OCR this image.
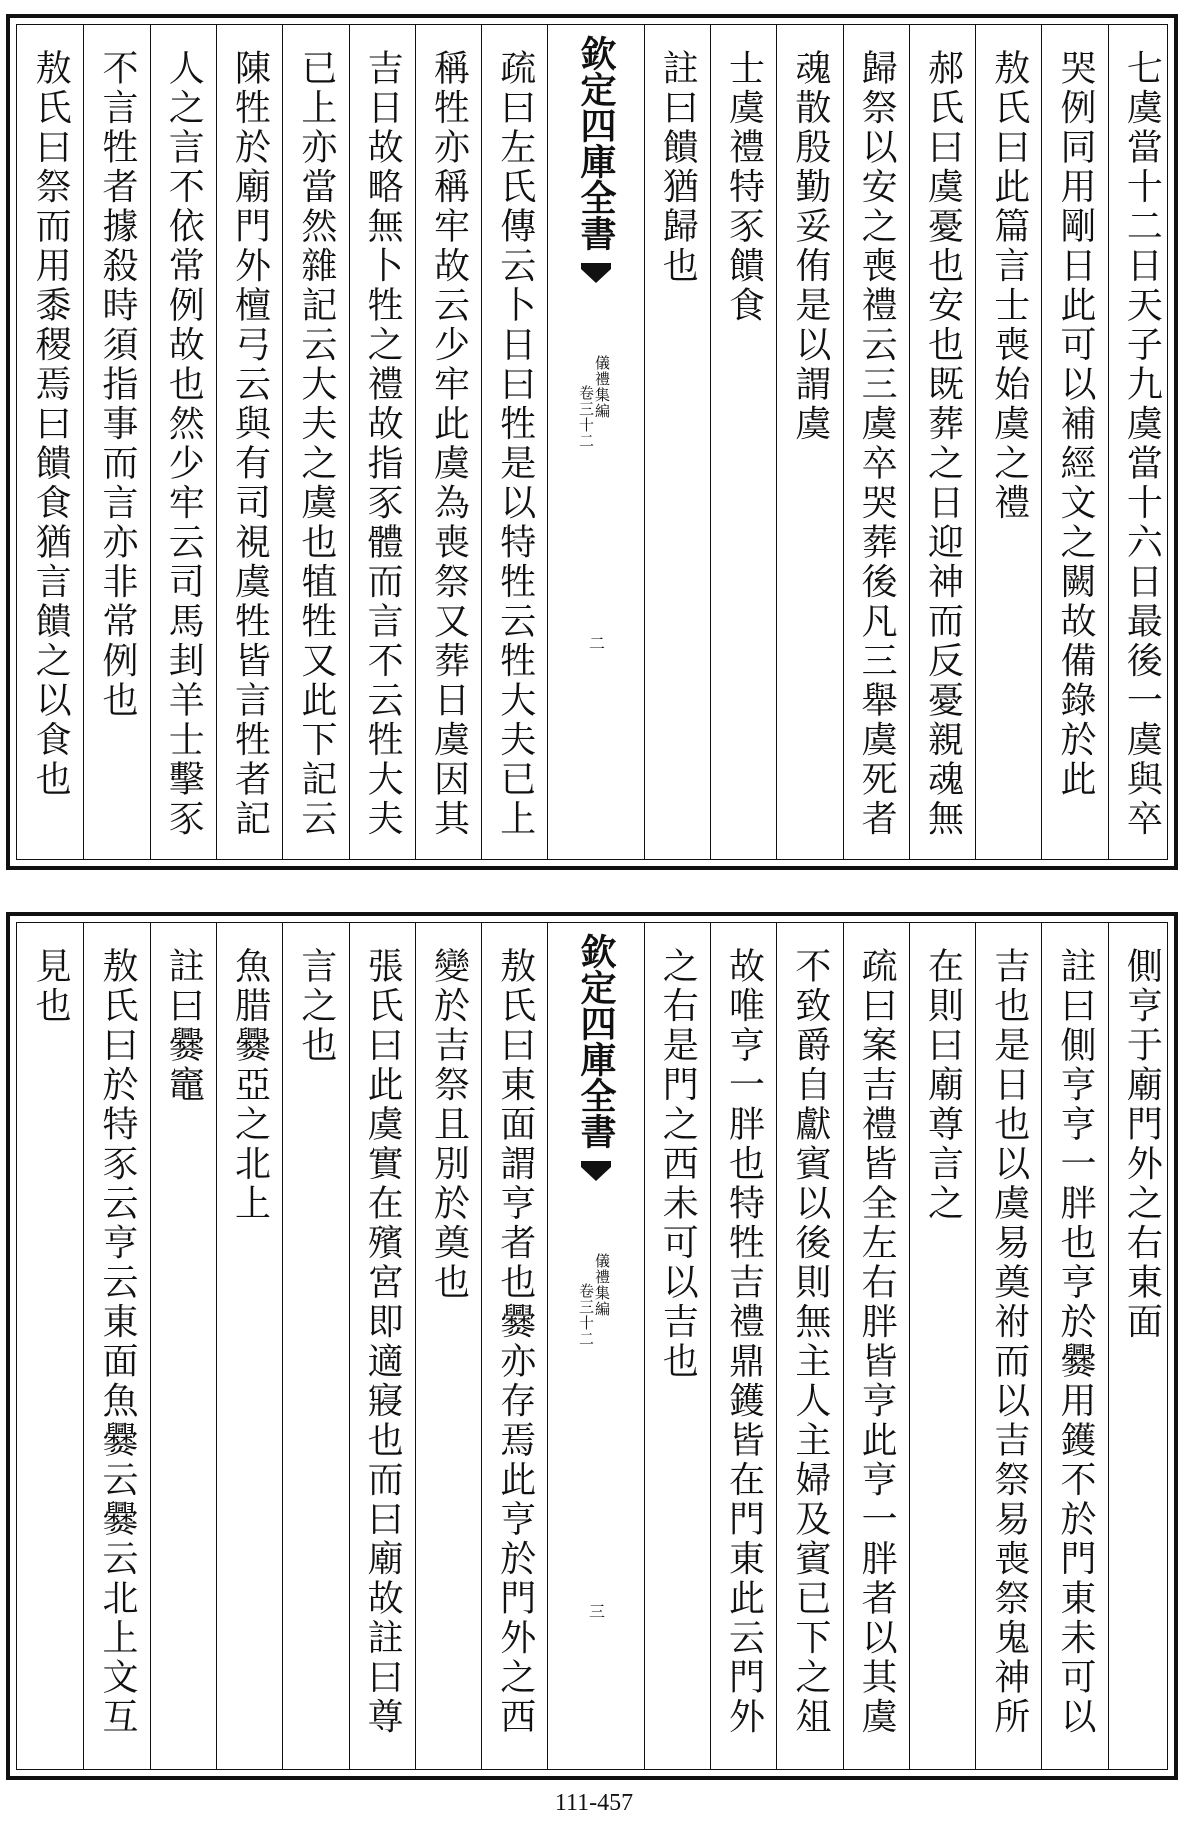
敖氏曰祭而用黍稷焉曰饋食猶言饋之以食也 不言牲者據殺時須指事而言亦非常例也 人之言不依常例故也然少牢云司馬刲羊士擊豕 陳牲於廟門外檀弓云與有司視虞牲皆言牲者記 已上亦當然雜記云大夫之虞也犆牲又此下記云 吉日故略無卜牲之禮故指豕體而言不云牲大夫 稱牲亦稱牢故云少牢此虞為喪祭又葬日虞因其 疏曰左氏傳云卜日曰牲是以特牲云牲大夫已上 欽定四庫全書
儀禮集編
卷三十二
二
註曰饋猶歸也 士虞禮特豕饋食 魂散殷勤妥侑是以謂虞 歸祭以安之喪禮云三虞卒哭葬後凡三舉虞死者 郝氏曰虞憂也安也既葬之日迎神而反憂親魂無 敖氏曰此篇言士喪始虞之禮 哭例同用剛日此可以補經文之闕故備錄於此 七虞當十二日天子九虞當十六日最後一虞與卒
見也 敖氏曰於特豕云亨云東面魚爨云爨云北上文互 註曰爨竈 魚腊爨亞之北上 言之也 張氏曰此虞實在殯宮即適寢也而曰廟故註曰尊 變於吉祭且別於奠也 敖氏曰東面謂亨者也爨亦存焉此亨於門外之西 欽定四庫全書
儀禮集編
卷三十二
三
之右是門之西未可以吉也 故唯亨一胖也特牲吉禮鼎鑊皆在門東此云門外 不致爵自獻賓以後則無主人主婦及賓已下之俎 疏曰案吉禮皆全左右胖皆亨此亨一胖者以其虞 在則曰廟尊言之 吉也是日也以虞易奠祔而以吉祭易喪祭鬼神所 註曰側亨亨一胖也亨於爨用鑊不於門東未可以 側亨于廟門外之右東面
111-457
